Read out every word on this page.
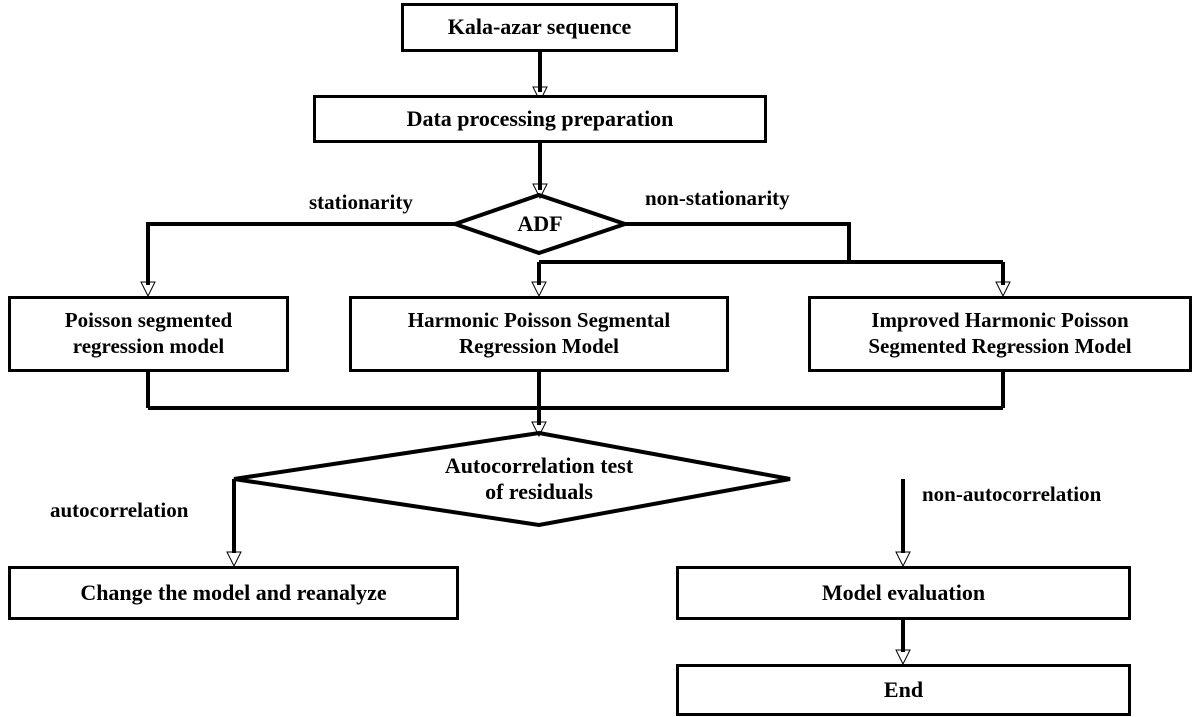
Kala-azar sequence
Data processing preparation
ADF
Poisson segmented
regression model
Harmonic Poisson Segmental
Regression Model
Improved Harmonic Poisson
Segmented Regression Model
Autocorrelation test
of residuals
Change the model and reanalyze	Model evaluation
End
stationarity	non-stationarity
autocorrelation
non-autocorrelation
